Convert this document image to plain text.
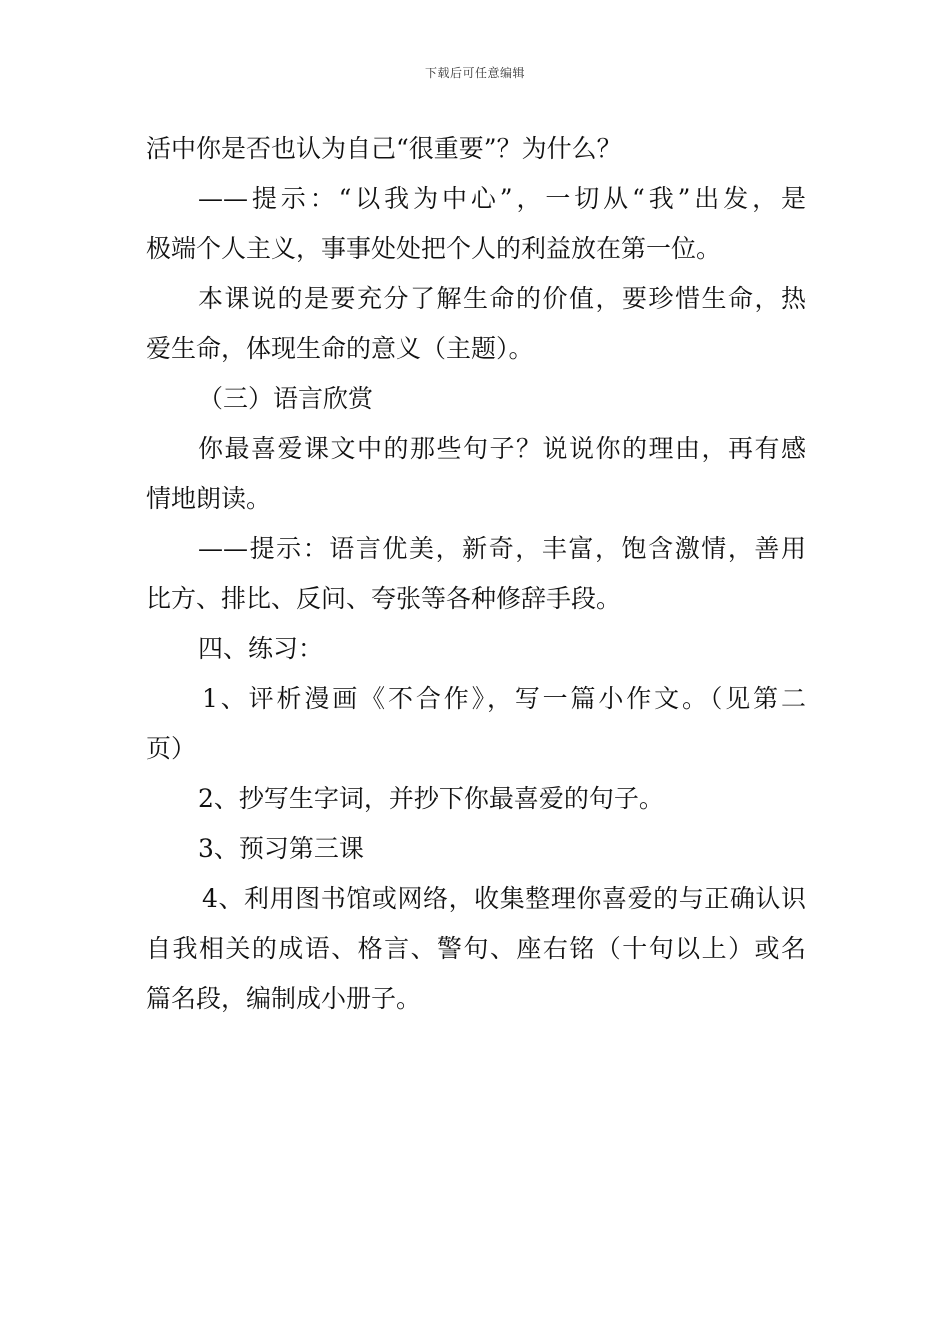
下载后可任意编辑
活中你是否也认为自己“很重要”？为什么？
——提示：“以我为中心”，一切从“我”出发，是
极端个人主义，事事处处把个人的利益放在第一位。
本课说的是要充分了解生命的价值，要珍惜生命，热
爱生命，体现生命的意义（主题）。
（三）语言欣赏
你最喜爱课文中的那些句子？说说你的理由，再有感
情地朗读。
——提示：语言优美，新奇，丰富，饱含激情，善用
比方、排比、反问、夸张等各种修辞手段。
四、练习：
1、评析漫画《不合作》，写一篇小作文。（见第二
页）
2、抄写生字词，并抄下你最喜爱的句子。
3、预习第三课
4、利用图书馆或网络，收集整理你喜爱的与正确认识
自我相关的成语、格言、警句、座右铭（十句以上）或名
篇名段，编制成小册子。
